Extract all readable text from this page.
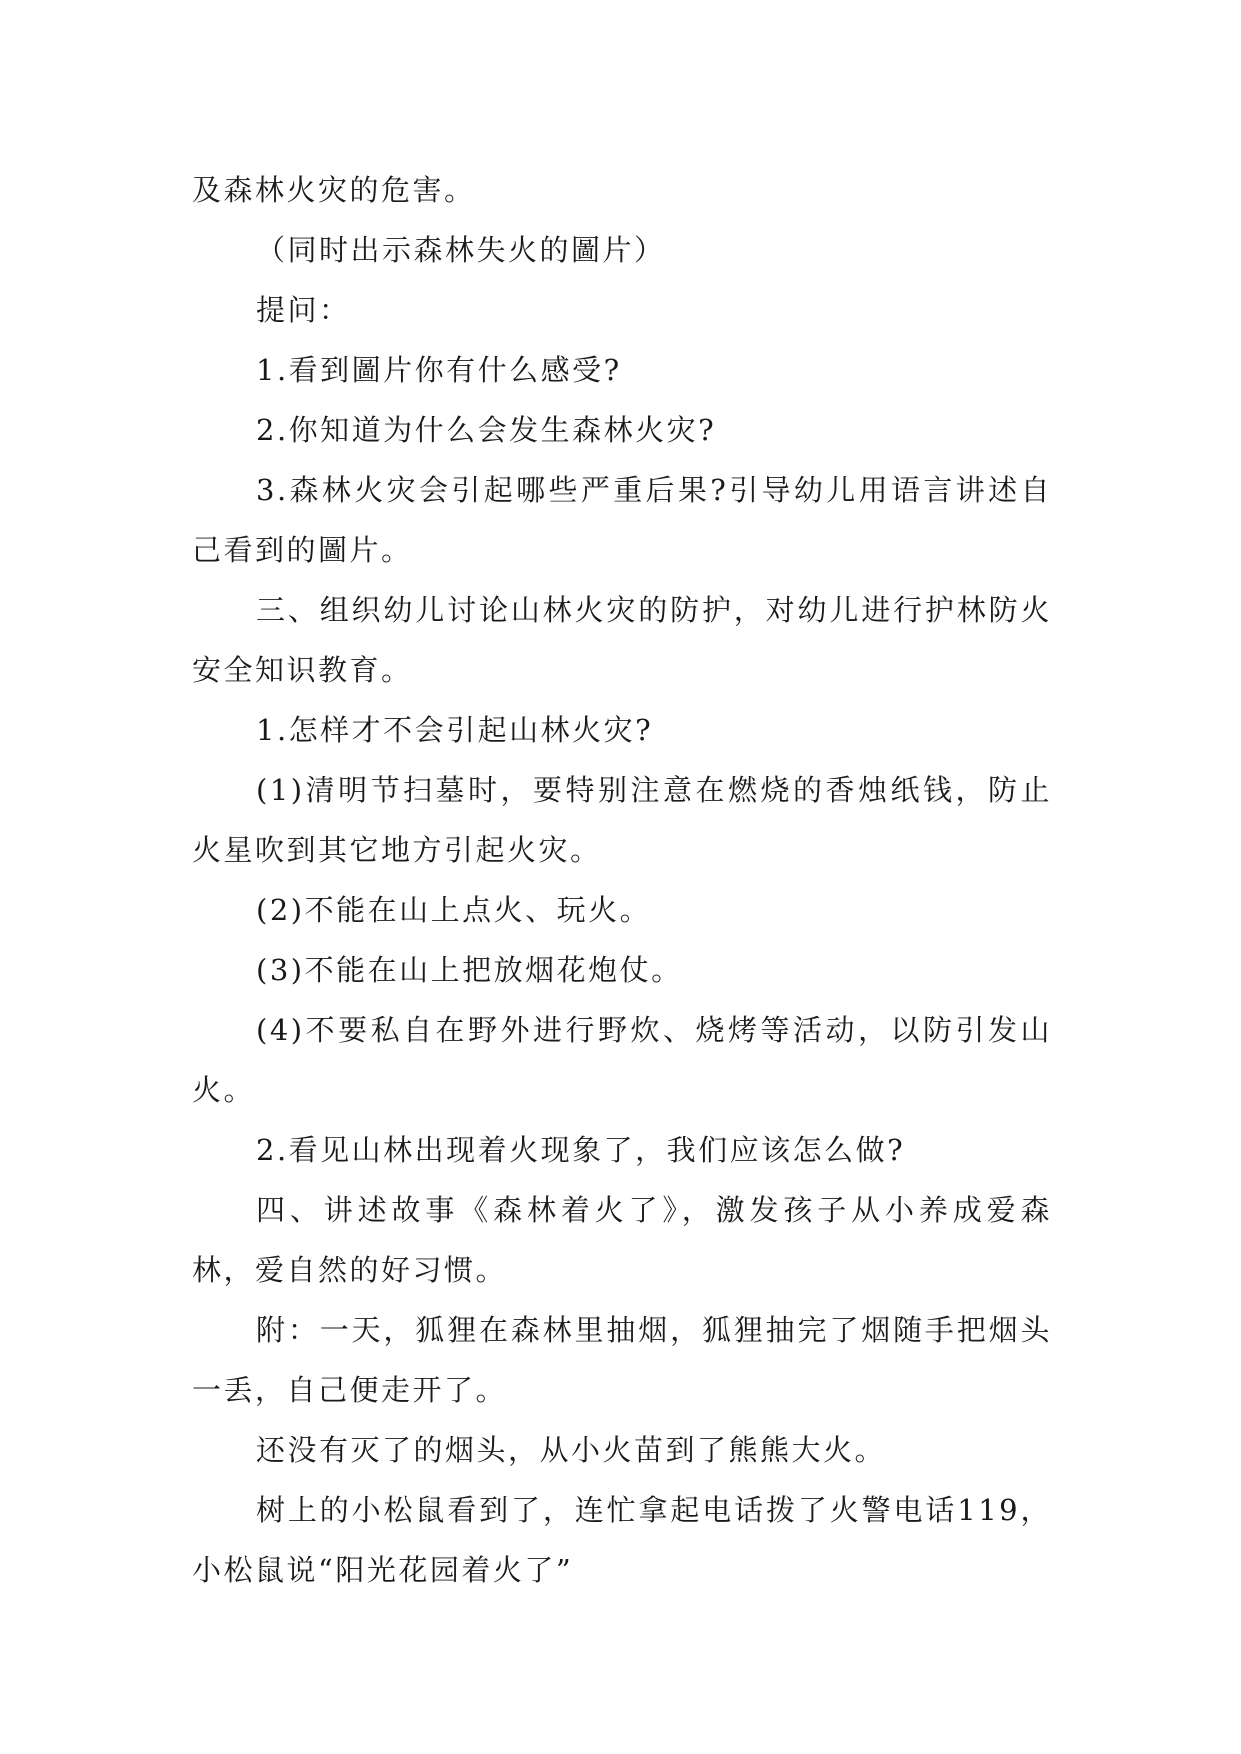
及森林火灾的危害。

（同时出示森林失火的圖片）

提问：

1.看到圖片你有什么感受?

2.你知道为什么会发生森林火灾?

3.森林火灾会引起哪些严重后果?引导幼儿用语言讲述自己看到的圖片。

三、组织幼儿讨论山林火灾的防护，对幼儿进行护林防火安全知识教育。

1.怎样才不会引起山林火灾?

(1)清明节扫墓时，要特别注意在燃烧的香烛纸钱，防止火星吹到其它地方引起火灾。

(2)不能在山上点火、玩火。

(3)不能在山上把放烟花炮仗。

(4)不要私自在野外进行野炊、烧烤等活动，以防引发山火。

2.看见山林出现着火现象了，我们应该怎么做?

四、讲述故事《森林着火了》，激发孩子从小养成爱森林，爱自然的好习惯。

附：一天，狐狸在森林里抽烟，狐狸抽完了烟随手把烟头一丢，自己便走开了。

还没有灭了的烟头，从小火苗到了熊熊大火。

树上的小松鼠看到了，连忙拿起电话拨了火警电话119，小松鼠说“阳光花园着火了”
